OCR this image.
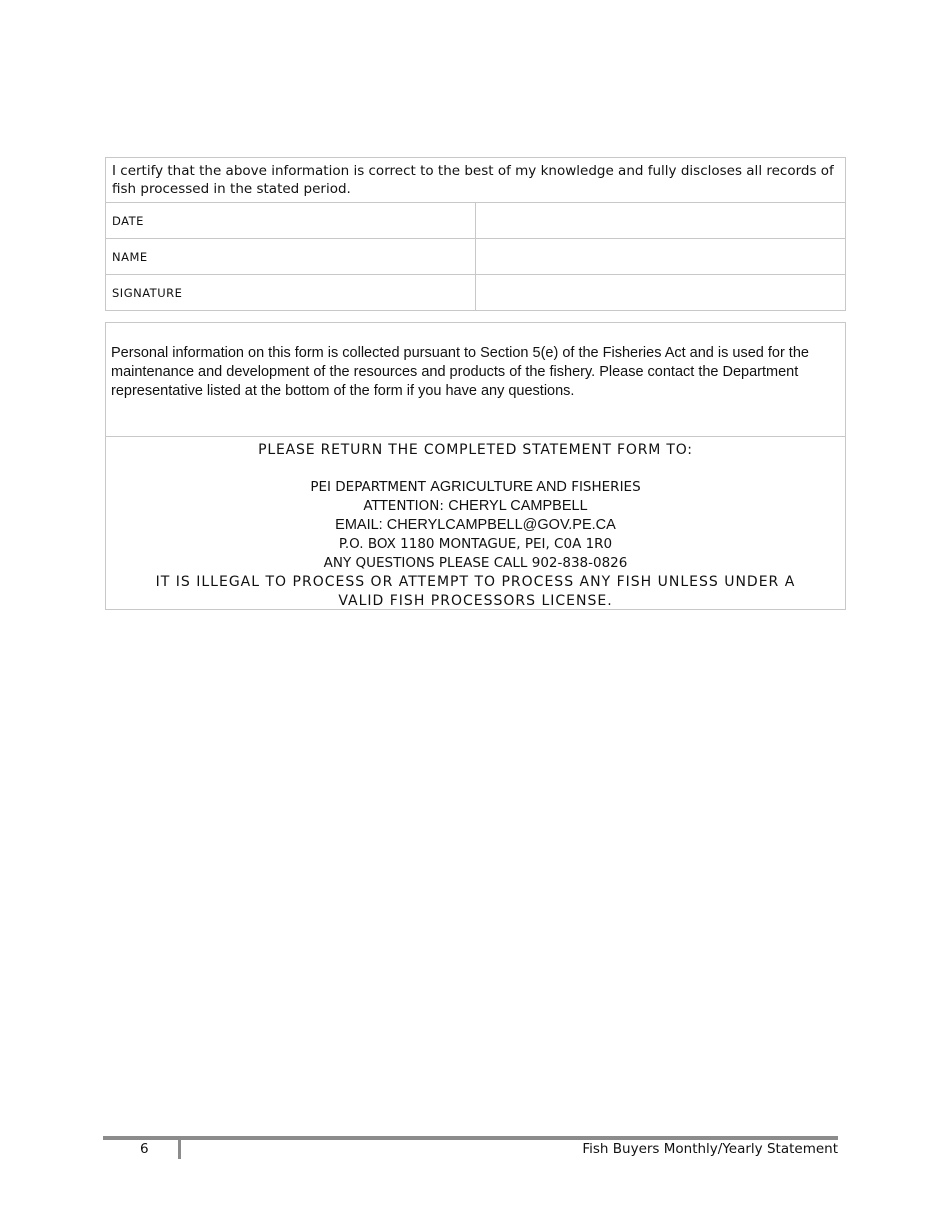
I certify that the above information is correct to the best of my knowledge and fully discloses all records of fish processed in the stated period.	
DATE	
NAME	
SIGNATURE	
Personal information on this form is collected pursuant to Section 5(e) of the Fisheries Act and is used for the maintenance and development of the resources and products of the fishery. Please contact the Department representative listed at the bottom of the form if you have any questions.
PLEASE RETURN THE COMPLETED STATEMENT FORM TO:
PEI DEPARTMENT AGRICULTURE AND FISHERIES
ATTENTION: CHERYL CAMPBELL
EMAIL: CHERYLCAMPBELL@GOV.PE.CA
P.O. BOX 1180 MONTAGUE, PEI, C0A 1R0
ANY QUESTIONS PLEASE CALL 902-838-0826
IT IS ILLEGAL TO PROCESS OR ATTEMPT TO PROCESS ANY FISH UNLESS UNDER A VALID FISH PROCESSORS LICENSE.
6	Fish Buyers Monthly/Yearly Statement
